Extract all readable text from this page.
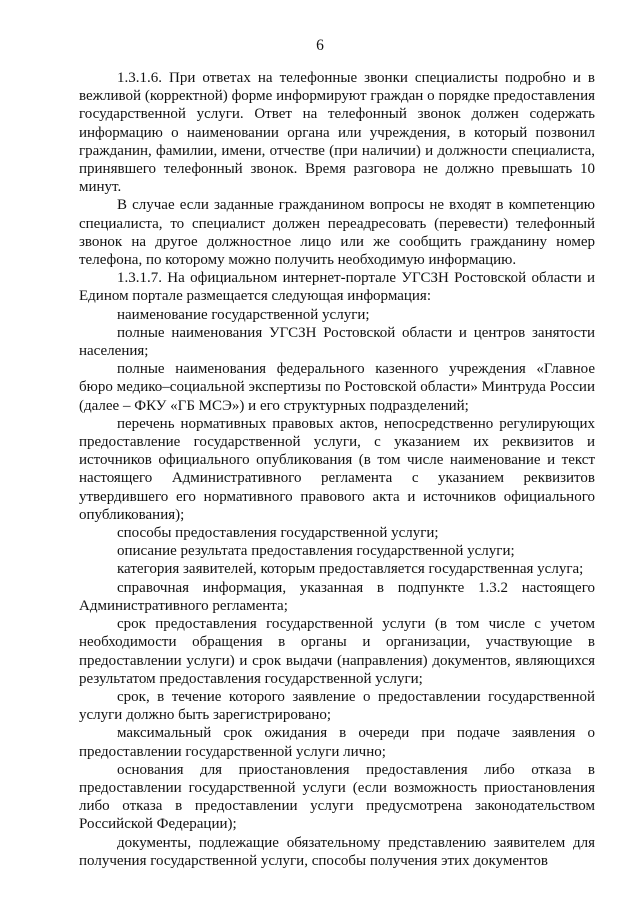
6

1.3.1.6. При ответах на телефонные звонки специалисты подробно и в вежливой (корректной) форме информируют граждан о порядке предоставления государственной услуги. Ответ на телефонный звонок должен содержать информацию о наименовании органа или учреждения, в который позвонил гражданин, фамилии, имени, отчестве (при наличии) и должности специалиста, принявшего телефонный звонок. Время разговора не должно превышать 10 минут.

В случае если заданные гражданином вопросы не входят в компетенцию специалиста, то специалист должен переадресовать (перевести) телефонный звонок на другое должностное лицо или же сообщить гражданину номер телефона, по которому можно получить необходимую информацию.

1.3.1.7. На официальном интернет-портале УГСЗН Ростовской области и Едином портале размещается следующая информация:

наименование государственной услуги;

полные наименования УГСЗН Ростовской области и центров занятости населения;

полные наименования федерального казенного учреждения «Главное бюро медико–социальной экспертизы по Ростовской области» Минтруда России (далее – ФКУ «ГБ МСЭ») и его структурных подразделений;

перечень нормативных правовых актов, непосредственно регулирующих предоставление государственной услуги, с указанием их реквизитов и источников официального опубликования (в том числе наименование и текст настоящего Административного регламента с указанием реквизитов утвердившего его нормативного правового акта и источников официального опубликования);

способы предоставления государственной услуги;

описание результата предоставления государственной услуги;

категория заявителей, которым предоставляется государственная услуга;

справочная информация, указанная в подпункте 1.3.2 настоящего Административного регламента;

срок предоставления государственной услуги (в том числе с учетом необходимости обращения в органы и организации, участвующие в предоставлении услуги) и срок выдачи (направления) документов, являющихся результатом предоставления государственной услуги;

срок, в течение которого заявление о предоставлении государственной услуги должно быть зарегистрировано;

максимальный срок ожидания в очереди при подаче заявления о предоставлении государственной услуги лично;

основания для приостановления предоставления либо отказа в предоставлении государственной услуги (если возможность приостановления либо отказа в предоставлении услуги предусмотрена законодательством Российской Федерации);

документы, подлежащие обязательному представлению заявителем для получения государственной услуги, способы получения этих документов
